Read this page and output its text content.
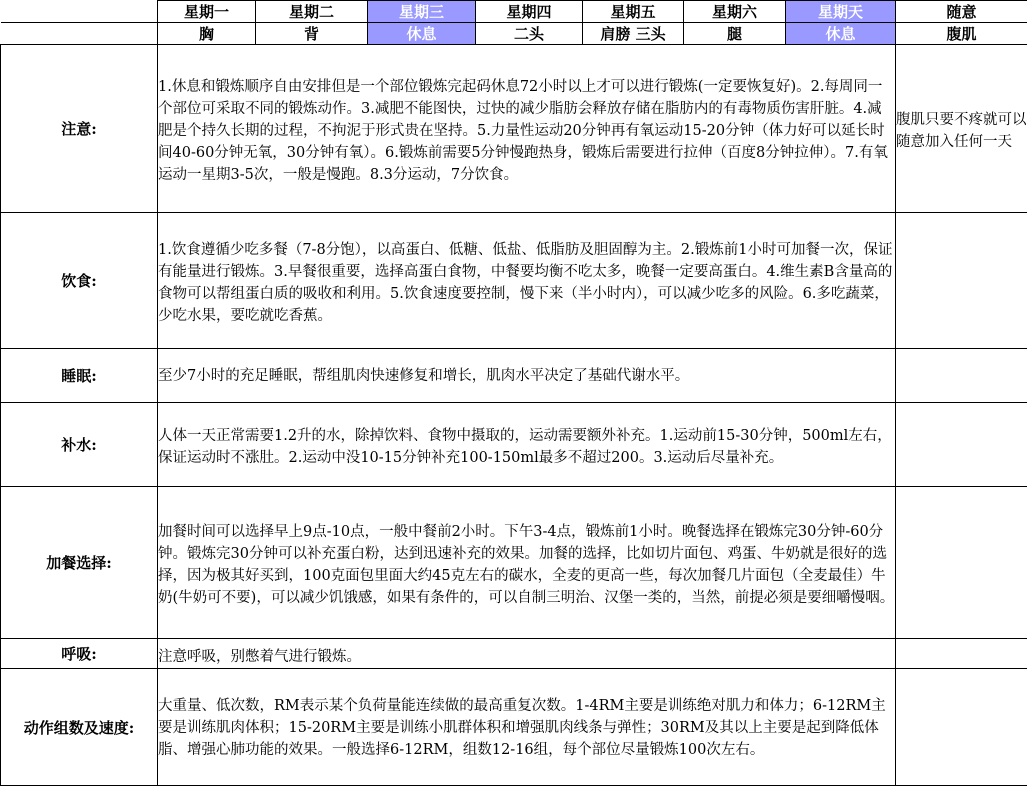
	星期一	星期二	星期三	星期四	星期五	星期六	星期天	随意
	胸	背	休息	二头	肩膀 三头	腿	休息	腹肌
注意:	1.休息和锻炼顺序自由安排但是一个部位锻炼完起码休息72小时以上才可以进行锻炼(一定要恢复好)。2.每周同一个部位可采取不同的锻炼动作。3.减肥不能图快，过快的减少脂肪会释放存储在脂肪内的有毒物质伤害肝脏。4.减肥是个持久长期的过程，不拘泥于形式贵在坚持。5.力量性运动20分钟再有氧运动15-20分钟（体力好可以延长时间40-60分钟无氧，30分钟有氧）。6.锻炼前需要5分钟慢跑热身，锻炼后需要进行拉伸（百度8分钟拉伸）。7.有氧运动一星期3-5次，一般是慢跑。8.3分运动，7分饮食。							腹肌只要不疼就可以随意加入任何一天

饮食:	1.饮食遵循少吃多餐（7-8分饱），以高蛋白、低糖、低盐、低脂肪及胆固醇为主。2.锻炼前1小时可加餐一次，保证有能量进行锻炼。3.早餐很重要，选择高蛋白食物，中餐要均衡不吃太多，晚餐一定要高蛋白。4.维生素B含量高的食物可以帮组蛋白质的吸收和利用。5.饮食速度要控制，慢下来（半小时内），可以减少吃多的风险。6.多吃蔬菜，少吃水果，要吃就吃香蕉。							

睡眠:	至少7小时的充足睡眠，帮组肌肉快速修复和增长，肌肉水平决定了基础代谢水平。							

补水:	人体一天正常需要1.2升的水，除掉饮料、食物中摄取的，运动需要额外补充。1.运动前15-30分钟，500ml左右，保证运动时不涨肚。2.运动中没10-15分钟补充100-150ml最多不超过200。3.运动后尽量补充。							

加餐选择:	加餐时间可以选择早上9点-10点，一般中餐前2小时。下午3-4点，锻炼前1小时。晚餐选择在锻炼完30分钟-60分钟。锻炼完30分钟可以补充蛋白粉，达到迅速补充的效果。加餐的选择，比如切片面包、鸡蛋、牛奶就是很好的选择，因为极其好买到，100克面包里面大约45克左右的碳水，全麦的更高一些，每次加餐几片面包（全麦最佳）牛奶(牛奶可不要)，可以减少饥饿感，如果有条件的，可以自制三明治、汉堡一类的，当然，前提必须是要细嚼慢咽。							

呼吸:	注意呼吸，别憋着气进行锻炼。							

动作组数及速度:	大重量、低次数，RM表示某个负荷量能连续做的最高重复次数。1-4RM主要是训练绝对肌力和体力；6-12RM主要是训练肌肉体积；15-20RM主要是训练小肌群体积和增强肌肉线条与弹性；30RM及其以上主要是起到降低体脂、增强心肺功能的效果。一般选择6-12RM，组数12-16组，每个部位尽量锻炼100次左右。							
